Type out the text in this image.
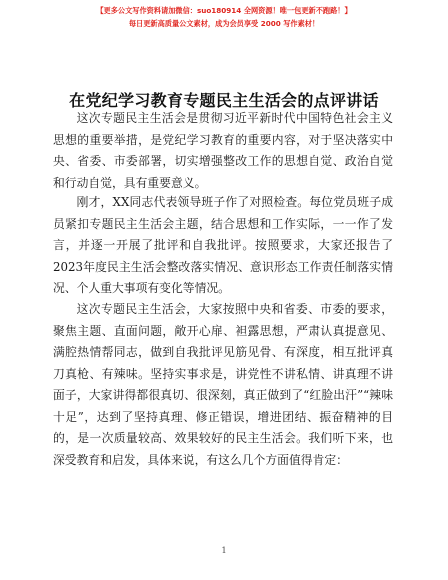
【更多公文写作资料请加微信：suo180914 全网资源！唯一包更新不跑路！】
每日更新高质量公文素材，成为会员享受 2000 写作素材！
在党纪学习教育专题民主生活会的点评讲话

这次专题民主生活会是贯彻习近平新时代中国特色社会主义思想的重要举措，是党纪学习教育的重要内容，对于坚决落实中央、省委、市委部署，切实增强整改工作的思想自觉、政治自觉和行动自觉，具有重要意义。

刚才，XX同志代表领导班子作了对照检查。每位党员班子成员紧扣专题民主生活会主题，结合思想和工作实际，一一作了发言，并逐一开展了批评和自我批评。按照要求，大家还报告了2023年度民主生活会整改落实情况、意识形态工作责任制落实情况、个人重大事项有变化等情况。

这次专题民主生活会，大家按照中央和省委、市委的要求，聚焦主题、直面问题，敞开心扉、袒露思想，严肃认真提意见、满腔热情帮同志，做到自我批评见筋见骨、有深度，相互批评真刀真枪、有辣味。坚持实事求是，讲党性不讲私情、讲真理不讲面子，大家讲得都很真切、很深刻，真正做到了“红脸出汗”“辣味十足”，达到了坚持真理、修正错误，增进团结、振奋精神的目的，是一次质量较高、效果较好的民主生活会。我们听下来，也深受教育和启发，具体来说，有这么几个方面值得肯定：

1
